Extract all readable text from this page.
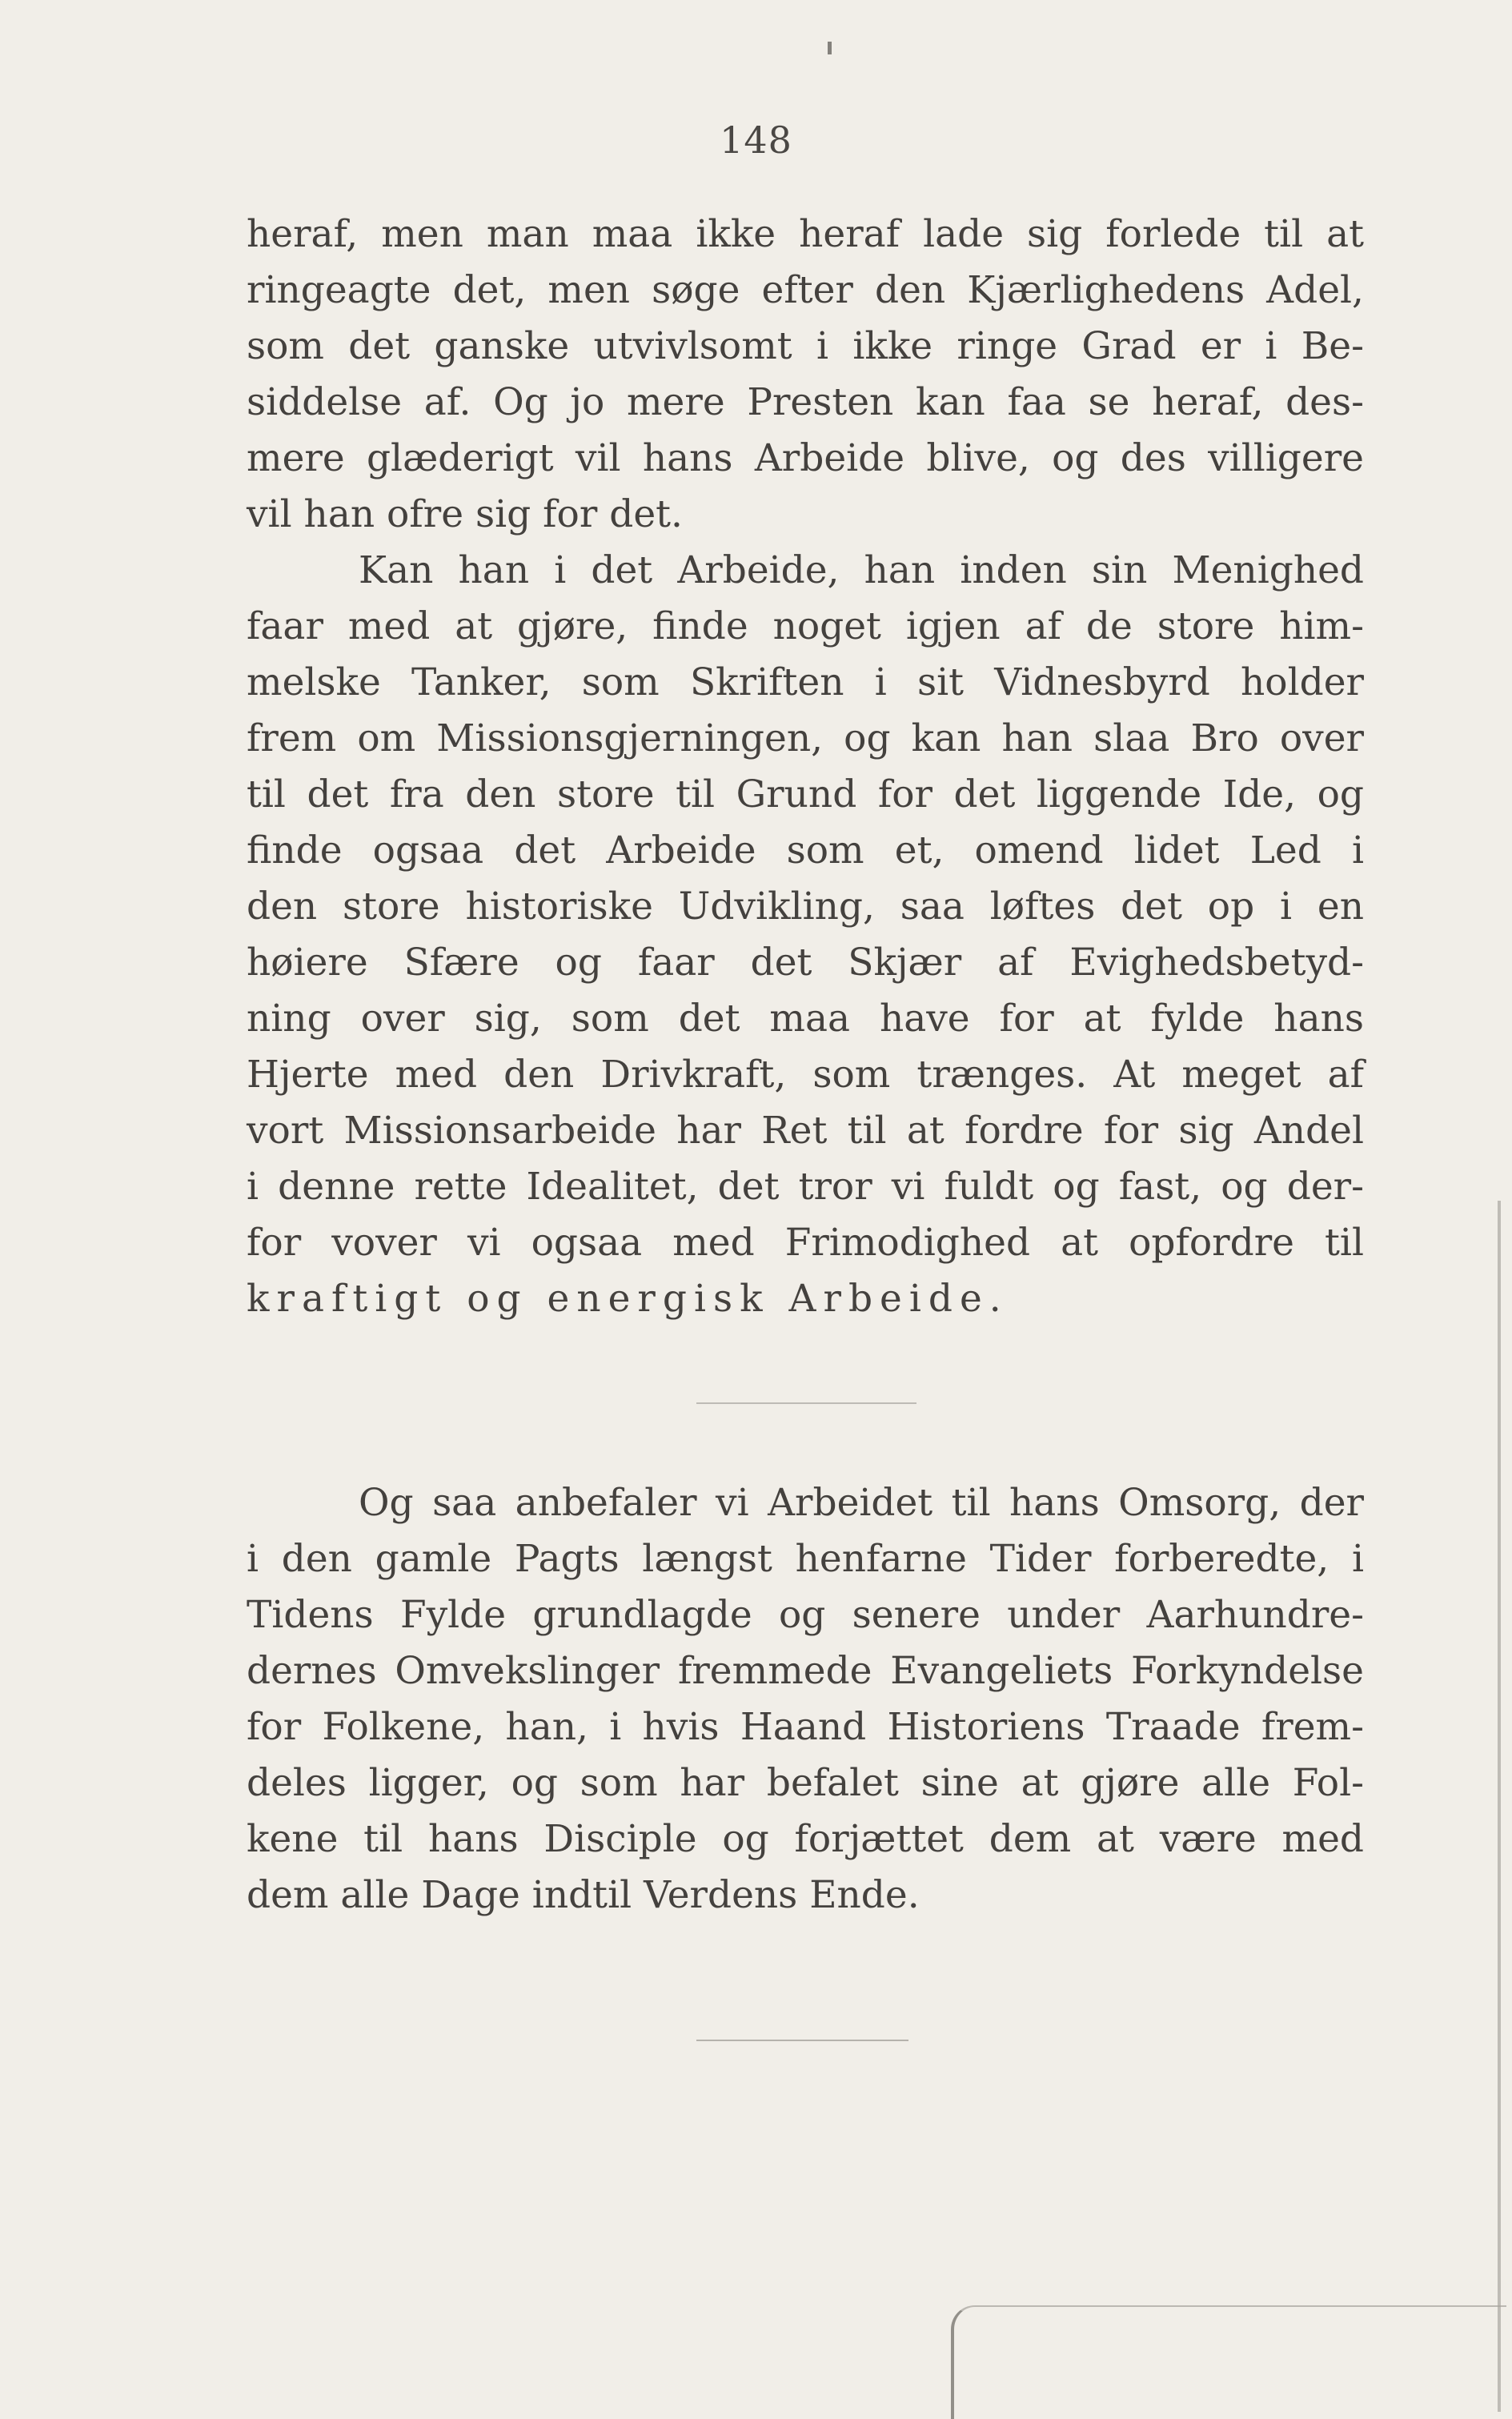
148
heraf, men man maa ikke heraf lade sig forlede til at
ringeagte det, men søge efter den Kjærlighedens Adel,
som det ganske utvivlsomt i ikke ringe Grad er i Be-
siddelse af. Og jo mere Presten kan faa se heraf, des-
mere glæderigt vil hans Arbeide blive, og des villigere
vil han ofre sig for det.
Kan han i det Arbeide, han inden sin Menighed
faar med at gjøre, finde noget igjen af de store him-
melske Tanker, som Skriften i sit Vidnesbyrd holder
frem om Missionsgjerningen, og kan han slaa Bro over
til det fra den store til Grund for det liggende Ide, og
finde ogsaa det Arbeide som et, omend lidet Led i
den store historiske Udvikling, saa løftes det op i en
høiere Sfære og faar det Skjær af Evighedsbetyd-
ning over sig, som det maa have for at fylde hans
Hjerte med den Drivkraft, som trænges. At meget af
vort Missionsarbeide har Ret til at fordre for sig Andel
i denne rette Idealitet, det tror vi fuldt og fast, og der-
for vover vi ogsaa med Frimodighed at opfordre til
kraftigt og energisk Arbeide.
Og saa anbefaler vi Arbeidet til hans Omsorg, der
i den gamle Pagts længst henfarne Tider forberedte, i
Tidens Fylde grundlagde og senere under Aarhundre-
dernes Omvekslinger fremmede Evangeliets Forkyndelse
for Folkene, han, i hvis Haand Historiens Traade frem-
deles ligger, og som har befalet sine at gjøre alle Fol-
kene til hans Disciple og forjættet dem at være med
dem alle Dage indtil Verdens Ende.
